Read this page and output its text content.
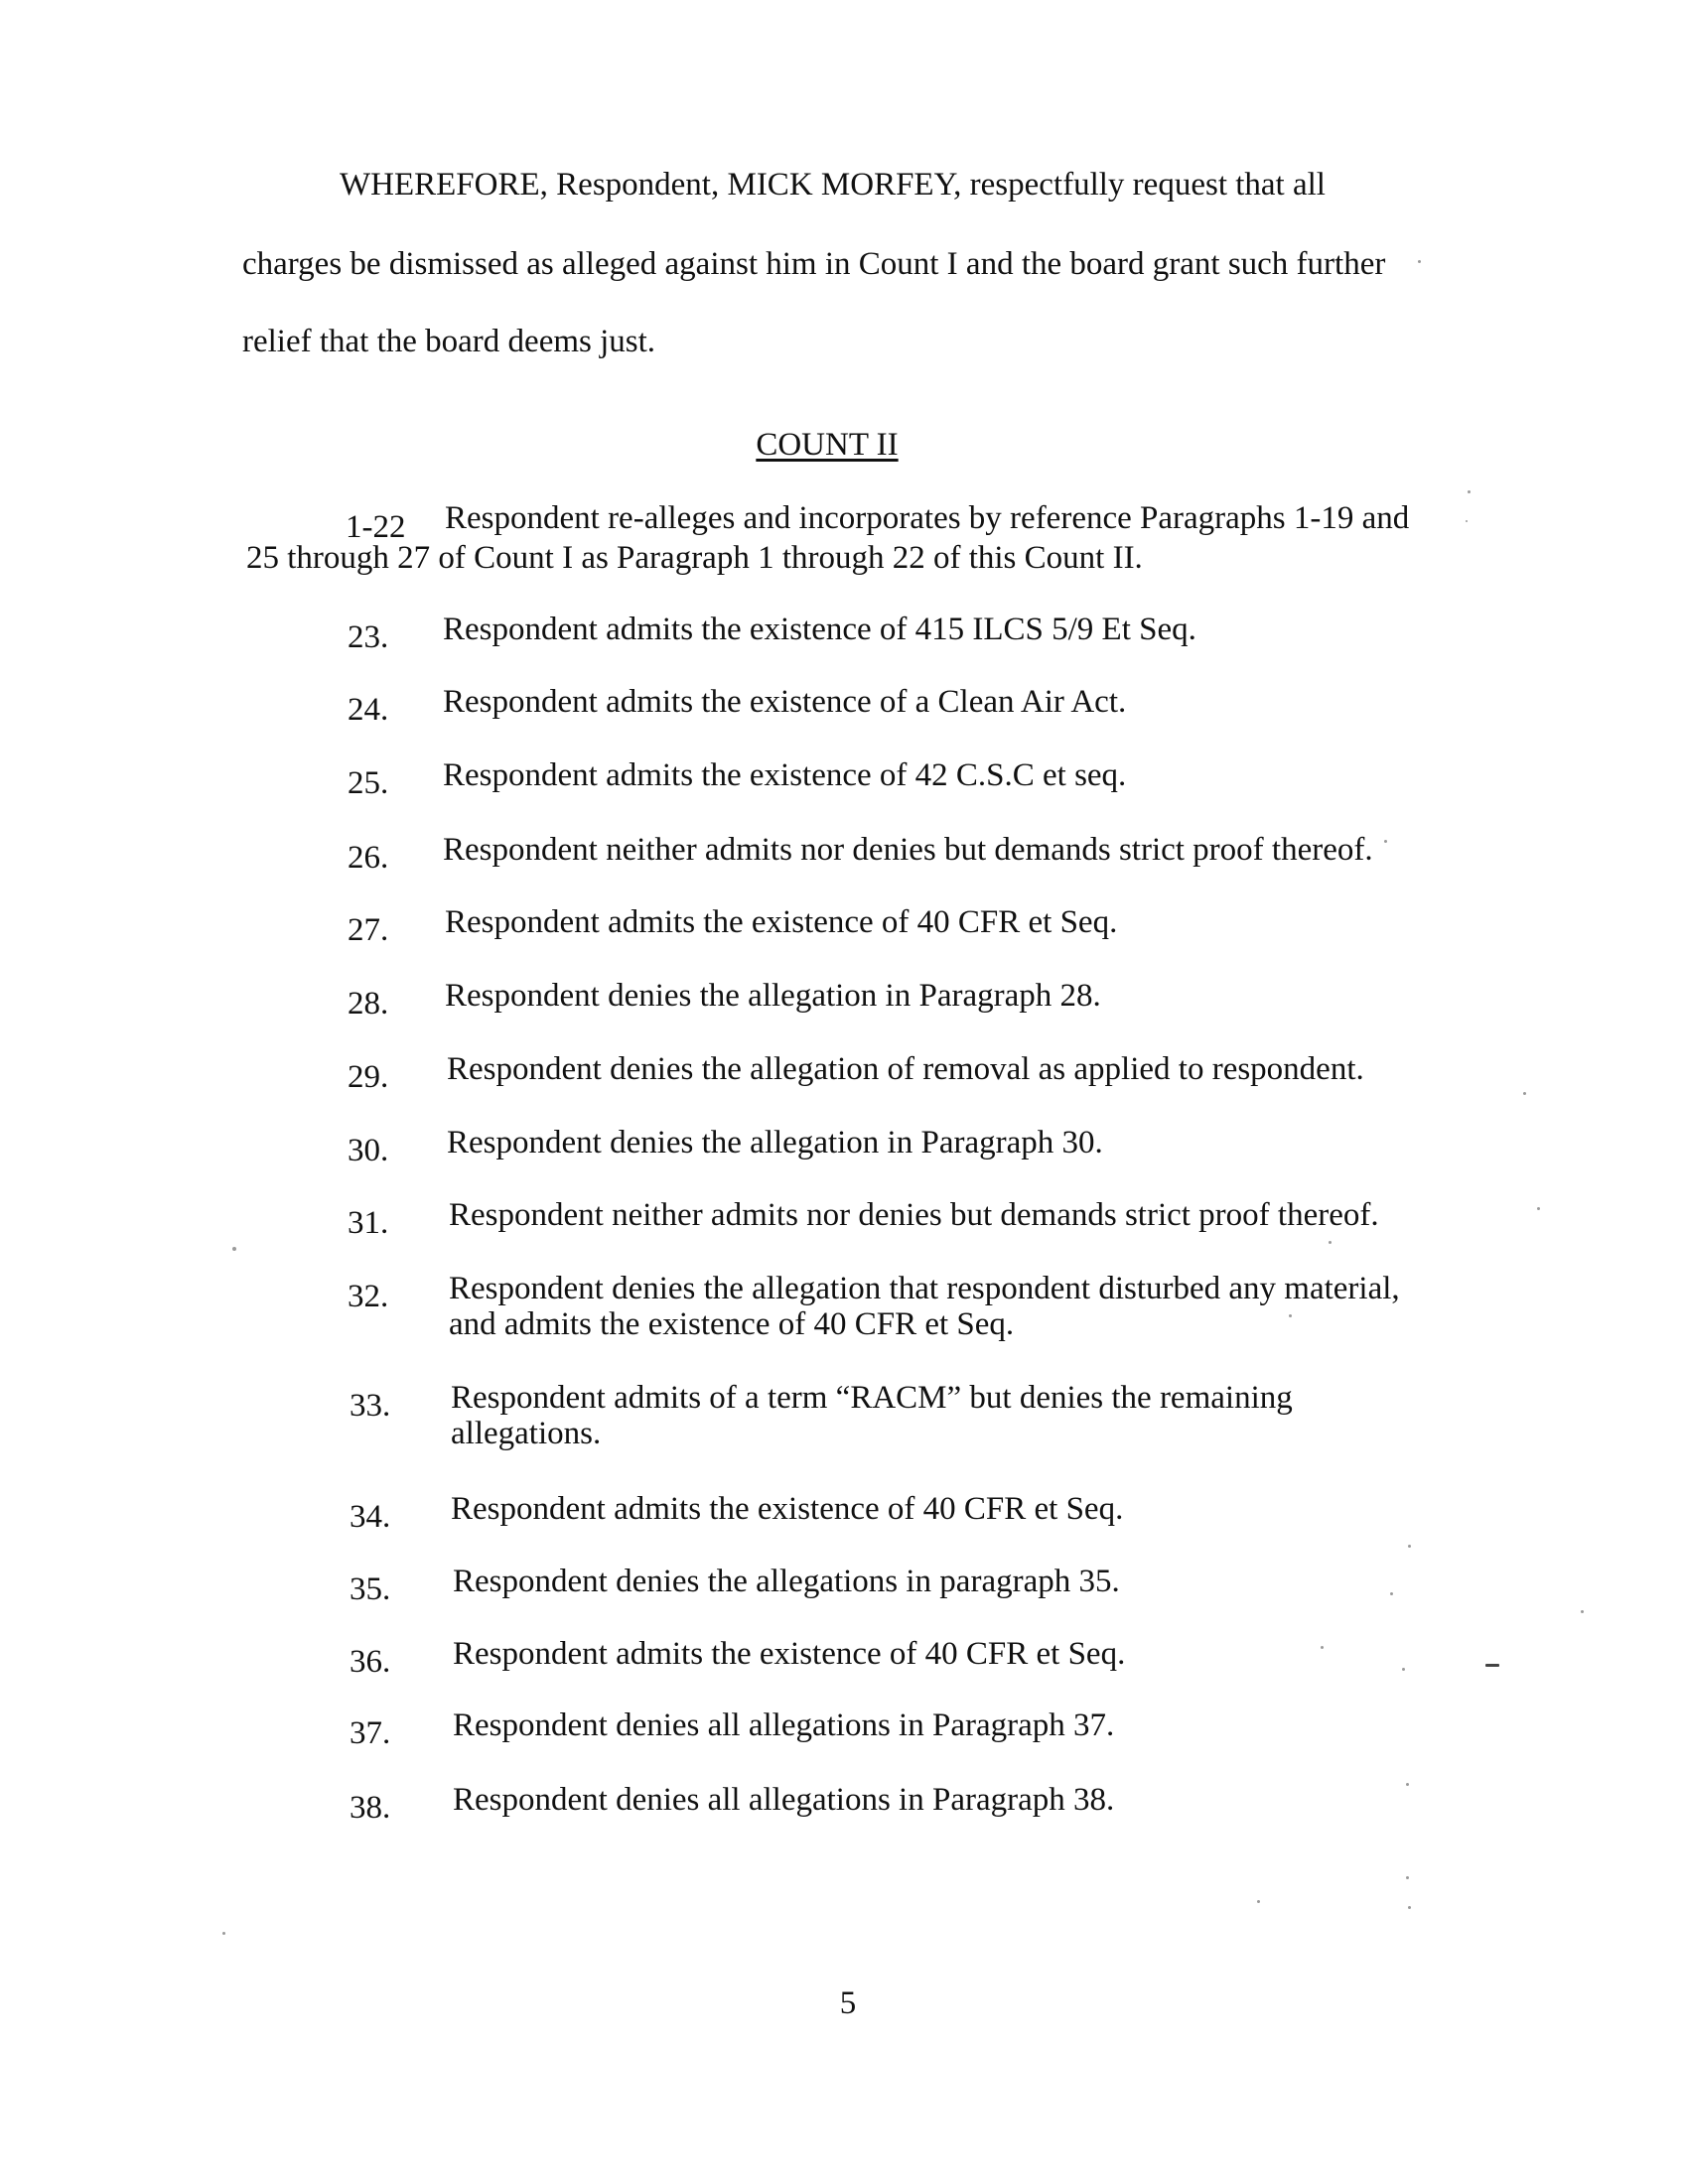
WHEREFORE, Respondent, MICK MORFEY, respectfully request that all
charges be dismissed as alleged against him in Count I and the board grant such further
relief that the board deems just.
COUNT II
1-22 Respondent re-alleges and incorporates by reference Paragraphs 1-19 and
25 through 27 of Count I as Paragraph 1 through 22 of this Count II.
23. Respondent admits the existence of 415 ILCS 5/9 Et Seq.
24. Respondent admits the existence of a Clean Air Act.
25. Respondent admits the existence of 42 C.S.C et seq.
26. Respondent neither admits nor denies but demands strict proof thereof.
27. Respondent admits the existence of 40 CFR et Seq.
28. Respondent denies the allegation in Paragraph 28.
29. Respondent denies the allegation of removal as applied to respondent.
30. Respondent denies the allegation in Paragraph 30.
31. Respondent neither admits nor denies but demands strict proof thereof.
32. Respondent denies the allegation that respondent disturbed any material,
and admits the existence of 40 CFR et Seq.
33. Respondent admits of a term “RACM” but denies the remaining
allegations.
34. Respondent admits the existence of 40 CFR et Seq.
35. Respondent denies the allegations in paragraph 35.
36. Respondent admits the existence of 40 CFR et Seq.
37. Respondent denies all allegations in Paragraph 37.
38. Respondent denies all allegations in Paragraph 38.
5
